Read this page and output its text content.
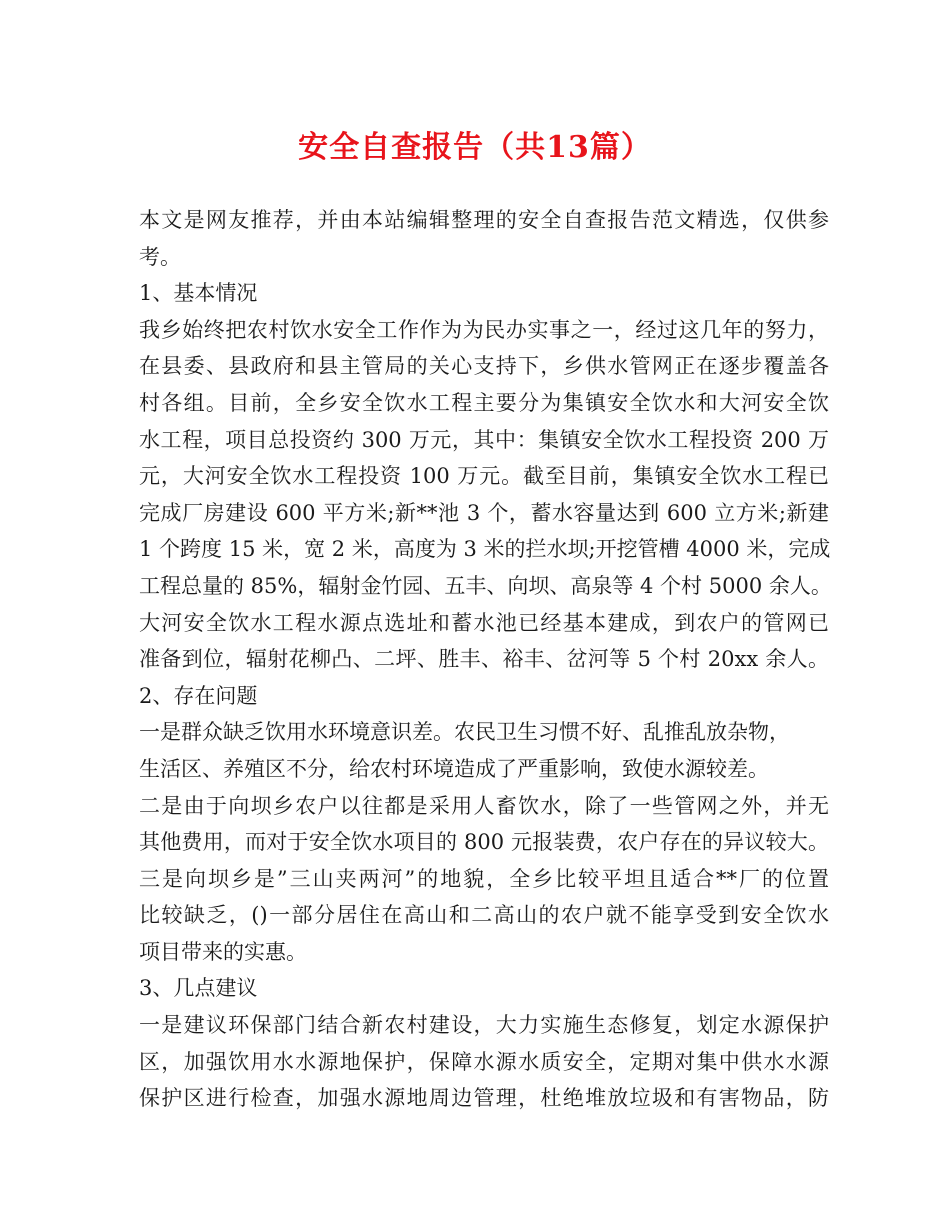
安全自查报告（共13篇）
本文是网友推荐，并由本站编辑整理的安全自查报告范文精选，仅供参
考。
1、基本情况
我乡始终把农村饮水安全工作作为为民办实事之一，经过这几年的努力，
在县委、县政府和县主管局的关心支持下，乡供水管网正在逐步覆盖各
村各组。目前，全乡安全饮水工程主要分为集镇安全饮水和大河安全饮
水工程，项目总投资约 300 万元，其中：集镇安全饮水工程投资 200 万
元，大河安全饮水工程投资 100 万元。截至目前，集镇安全饮水工程已
完成厂房建设 600 平方米;新**池 3 个，蓄水容量达到 600 立方米;新建
1 个跨度 15 米，宽 2 米，高度为 3 米的拦水坝;开挖管槽 4000 米，完成
工程总量的 85%，辐射金竹园、五丰、向坝、高泉等 4 个村 5000 余人。
大河安全饮水工程水源点选址和蓄水池已经基本建成，到农户的管网已
准备到位，辐射花柳凸、二坪、胜丰、裕丰、岔河等 5 个村 20xx 余人。
2、存在问题
一是群众缺乏饮用水环境意识差。农民卫生习惯不好、乱推乱放杂物，
生活区、养殖区不分，给农村环境造成了严重影响，致使水源较差。
二是由于向坝乡农户以往都是采用人畜饮水，除了一些管网之外，并无
其他费用，而对于安全饮水项目的 800 元报装费，农户存在的异议较大。
三是向坝乡是”三山夹两河”的地貌，全乡比较平坦且适合**厂的位置
比较缺乏，()一部分居住在高山和二高山的农户就不能享受到安全饮水
项目带来的实惠。
3、几点建议
一是建议环保部门结合新农村建设，大力实施生态修复，划定水源保护
区，加强饮用水水源地保护，保障水源水质安全，定期对集中供水水源
保护区进行检查，加强水源地周边管理，杜绝堆放垃圾和有害物品，防
